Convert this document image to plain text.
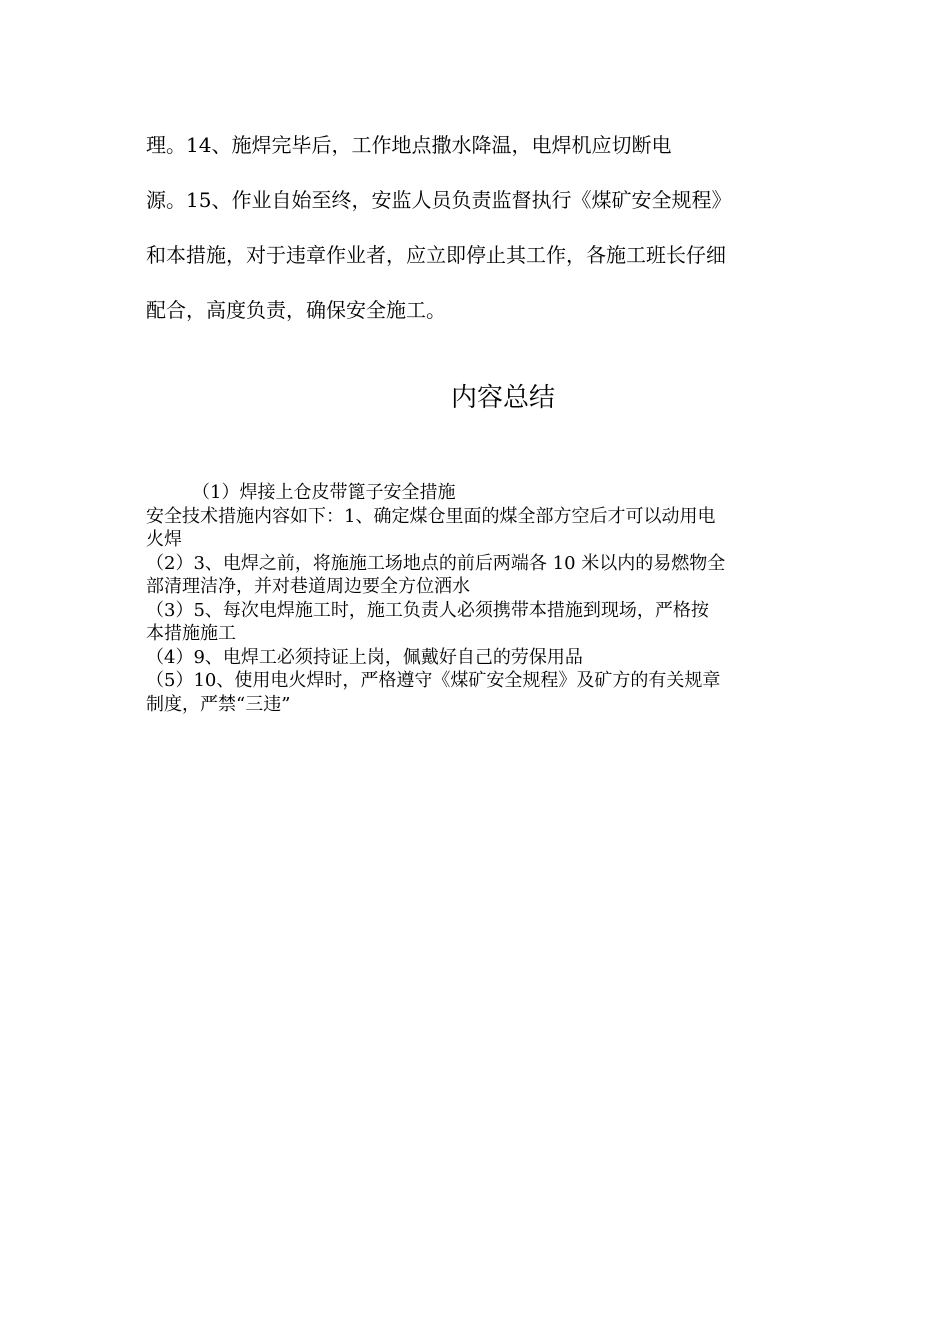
理。14、施焊完毕后，工作地点撒水降温，电焊机应切断电
源。15、作业自始至终，安监人员负责监督执行《煤矿安全规程》
和本措施，对于违章作业者，应立即停止其工作，各施工班长仔细
配合，高度负责，确保安全施工。
内容总结
（1）焊接上仓皮带篦子安全措施
安全技术措施内容如下：1、确定煤仓里面的煤全部方空后才可以动用电
火焊
（2）3、电焊之前，将施施工场地点的前后两端各 10 米以内的易燃物全
部清理洁净，并对巷道周边要全方位洒水
（3）5、每次电焊施工时，施工负责人必须携带本措施到现场，严格按
本措施施工
（4）9、电焊工必须持证上岗，佩戴好自己的劳保用品
（5）10、使用电火焊时，严格遵守《煤矿安全规程》及矿方的有关规章
制度，严禁“三违”
